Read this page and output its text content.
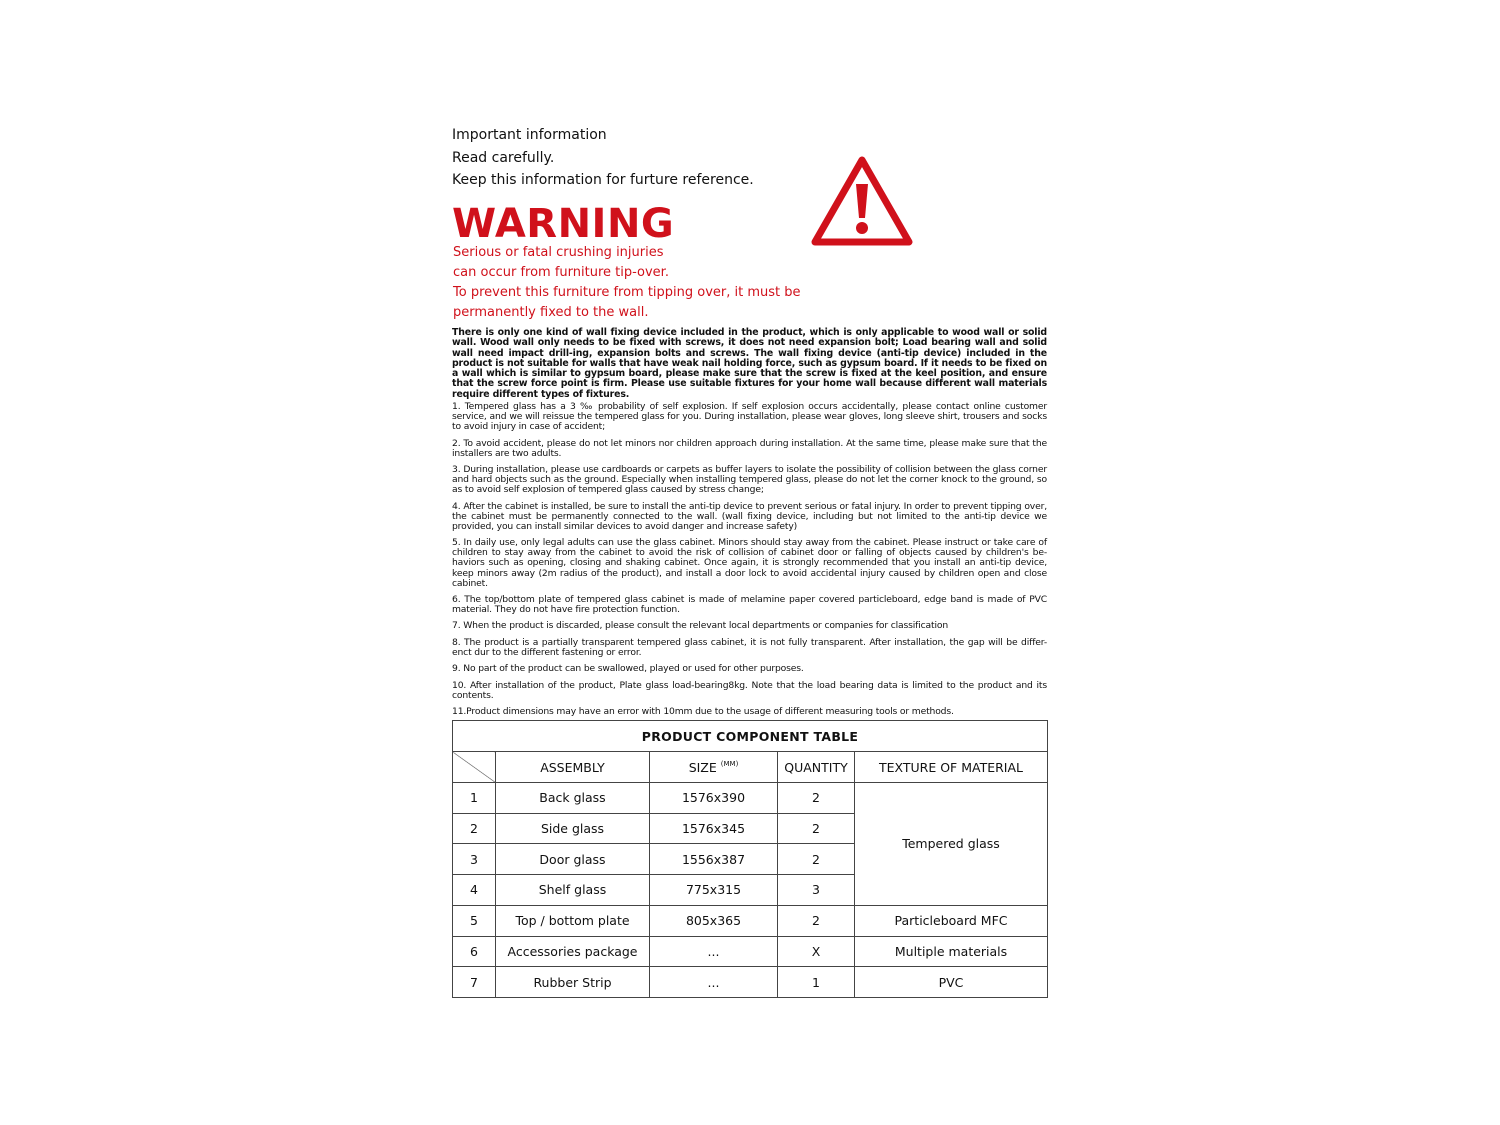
Important information

Read carefully.

Keep this information for furture reference.

WARNING

Serious or fatal crushing injuries

can occur from furniture tip-over.

To prevent this furniture from tipping over, it must be

permanently fixed to the wall.

There is only one kind of wall fixing device included in the product, which is only applicable to wood wall or solid wall. Wood wall only needs to be fixed with screws, it does not need expansion bolt; Load bearing wall and solid wall need impact drill-ing, expansion bolts and screws. The wall fixing device (anti-tip device) included in the product is not suitable for walls that have weak nail holding force, such as gypsum board. If it needs to be fixed on a wall which is similar to gypsum board, please make sure that the screw is fixed at the keel position, and ensure that the screw force point is firm. Please use suitable fixtures for your home wall because different wall materials require different types of fixtures.

1. Tempered glass has a 3 ‰ probability of self explosion. If self explosion occurs accidentally, please contact online customer service, and we will reissue the tempered glass for you. During installation, please wear gloves, long sleeve shirt, trousers and socks to avoid injury in case of accident;

2. To avoid accident, please do not let minors nor children approach during installation. At the same time, please make sure that the installers are two adults.

3. During installation, please use cardboards or carpets as buffer layers to isolate the possibility of collision between the glass corner and hard objects such as the ground. Especially when installing tempered glass, please do not let the corner knock to the ground, so as to avoid self explosion of tempered glass caused by stress change;

4. After the cabinet is installed, be sure to install the anti-tip device to prevent serious or fatal injury. In order to prevent tipping over, the cabinet must be permanently connected to the wall. (wall fixing device, including but not limited to the anti-tip device we provided, you can install similar devices to avoid danger and increase safety)

5. In daily use, only legal adults can use the glass cabinet. Minors should stay away from the cabinet. Please instruct or take care of children to stay away from the cabinet to avoid the risk of collision of cabinet door or falling of objects caused by children's be-haviors such as opening, closing and shaking cabinet. Once again, it is strongly recommended that you install an anti-tip device, keep minors away (2m radius of the product), and install a door lock to avoid accidental injury caused by children open and close cabinet.

6. The top/bottom plate of tempered glass cabinet is made of melamine paper covered particleboard, edge band is made of PVC material. They do not have fire protection function.

7. When the product is discarded, please consult the relevant local departments or companies for classification

8. The product is a partially transparent tempered glass cabinet, it is not fully transparent. After installation, the gap will be differ-enct dur to the different fastening or error.

9. No part of the product can be swallowed, played or used for other purposes.

10. After installation of the product, Plate glass load-bearing8kg. Note that the load bearing data is limited to the product and its contents.

11.Product dimensions may have an error with 10mm due to the usage of different measuring tools or methods.

PRODUCT COMPONENT TABLE				
	ASSEMBLY	SIZE $^{(MM)}$	QUANTITY	TEXTURE OF MATERIAL
1	Back glass	1576x390	2	Tempered glass
2	Side glass	1576x345	2	
3	Door glass	1556x387	2	
4	Shelf glass	775x315	3	
5	Top / bottom plate	805x365	2	Particleboard MFC
6	Accessories package	...	X	Multiple materials
7	Rubber Strip	...	1	PVC
